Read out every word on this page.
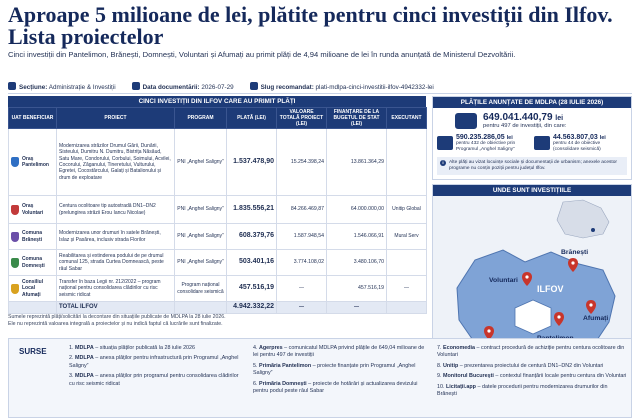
Aproape 5 milioane de lei, plătite pentru cinci investiții din Ilfov. Lista proiectelor

Cinci investiții din Pantelimon, Brănești, Domnești, Voluntari și Afumați au primit plăți de 4,94 milioane de lei în runda anunțată de Ministerul Dezvoltării.

Secțiune: Administrație & Investiții	Data documentării: 2026-07-29	Slug recomandat: plati-mdlpa-cinci-investitii-ilfov-4942332-lei
CINCI INVESTIȚII DIN ILFOV CARE AU PRIMIT PLĂȚI
UAT BENEFICIAR	PROIECT	PROGRAM	PLATĂ (LEI)	VALOARE TOTALĂ PROIECT (LEI)	FINANȚARE DE LA BUGETUL DE STAT (LEI)	EXECUTANT

Oraș Pantelimon	Modernizarea străzilor Drumul Gării, Dunării, Sisteului, Dumitru N. Dumitru, Bistrița Năsăud, Satu Mare, Condorului, Corbului, Soimului, Acvilei, Cocorului, Zăganului, Tineretului, Vulturului, Egretei, Cocostârcului, Galați și Batalionului și drum de exploatare	PNI „Anghel Saligny”	1.537.478,90	15.254.398,24	13.861.364,29	

Oraș Voluntari	Centura ocolitoare tip autostradă DN1–DN2 (prelungirea străzii Erou Iancu Nicolae)	PNI „Anghel Saligny”	1.835.556,21	84.266.469,87	64.000.000,00	Unitip Global

Comuna Brănești	Modernizarea unor drumuri în satele Brănești, Islaz și Pasărea, inclusiv strada Florilor	PNI „Anghel Saligny”	608.379,76	1.587.948,54	1.546.066,91	Mural Serv

Comuna Domnești	Reabilitarea și extinderea podului de pe drumul comunal 125, strada Curtea Domnească, peste râul Sabar	PNI „Anghel Saligny”	503.401,16	3.774.108,02	3.480.106,70	

Consiliul Local Afumați	Transfer în baza Legii nr. 212/2022 – program național pentru consolidarea clădirilor cu risc seismic ridicat	Program național consolidare seismică	457.516,19	—	457.516,19	—
	TOTAL ILFOV		4.942.332,22	—	—	
Sumele reprezintă plăți/solicitări la decontare din situațiile publicate de MDLPA la 28 iulie 2026.
Ele nu reprezintă valoarea integrală a proiectelor și nu indică faptul că lucrările sunt finalizate.
PLĂȚILE ANUNȚATE DE MDLPA (28 IULIE 2026)
649.041.440,79 lei
pentru 497 de investiții, din care:
590.235.286,05 lei
pentru 432 de obiective prin Programul „Anghel Saligny”
44.563.807,03 lei
pentru 44 de obiective (consolidare seismică)
i Alte plăți au vizat locuințe sociale și documentații de urbanism; anexele acestor programe nu conțin poziții pentru județul Ilfov.
UNDE SUNT INVESTIȚIILE
ILFOV
Brănești
Voluntari
Afumați
SURSE	1. MDLPA – situația plăților publicată la 28 iulie 2026
2. MDLPA – anexa plăților pentru infrastructură prin Programul „Anghel Saligny”
3. MDLPA – anexa plăților prin programul pentru consolidarea clădirilor cu risc seismic ridicat
4. Agerpres – comunicatul MDLPA privind plățile de 649,04 milioane de lei pentru 497 de investiții
5. Primăria Pantelimon – proiecte finanțate prin Programul „Anghel Saligny”
6. Primăria Domnești – proiecte de hotărâri și actualizarea devizului pentru podul peste râul Sabar
7. Economedia – contract procedură de achiziție pentru centura ocolitoare din Voluntari
8. Unitip – prezentarea proiectului de centură DN1–DN2 din Voluntari
9. Monitorul Bucureşti – contextul finanțării locale pentru centura din Voluntari
10. Licitații.app – datele procedurii pentru modernizarea drumurilor din Brănești
